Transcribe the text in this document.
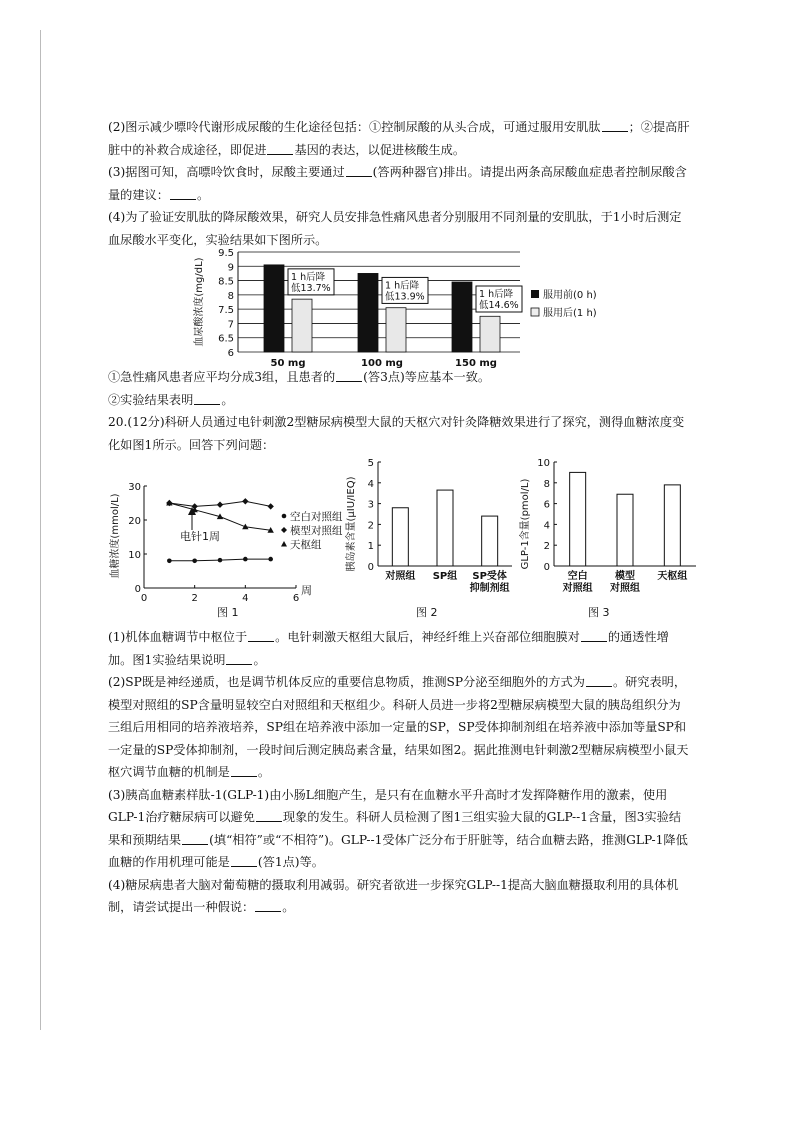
(2)图示减少嘌呤代谢形成尿酸的生化途径包括：①控制尿酸的从头合成，可通过服用安肌肽 ；②提高肝脏中的补救合成途径，即促进 基因的表达，以促进核酸生成。

(3)据图可知，高嘌呤饮食时，尿酸主要通过 (答两种器官)排出。请提出两条高尿酸血症患者控制尿酸含量的建议： 。

(4)为了验证安肌肽的降尿酸效果，研究人员安排急性痛风患者分别服用不同剂量的安肌肽，于1小时后测定血尿酸水平变化，实验结果如下图所示。

血尿酸浓度(mg/dL)
9.5
9
8.5
8
7.5
7
6.5
6
1 h后降
低13.7%	1 h后降
低13.9%	1 h后降
低14.6%
50 mg	100 mg	150 mg
服用前(0 h)
服用后(1 h)

①急性痛风患者应平均分成3组，且患者的 (答3点)等应基本一致。

②实验结果表明 。

20.(12分)科研人员通过电针刺激2型糖尿病模型大鼠的天枢穴对针灸降糖效果进行了探究，测得血糖浓度变化如图1所示。回答下列问题：

血糖浓度(mmol/L)
30
20
10
0
0	2	4	6
电针1周
周
空白对照组
模型对照组
天枢组 胰岛素含量(μIU/IEQ)
5
4
3
2
1
0
对照组 SP组 SP受体
抑制剂组
GLP-1含量(pmol/L)
10
8
6
4
2
0
空白
对照组
模型
对照组
天枢组
图 1	图 2	图 3

(1)机体血糖调节中枢位于 。电针刺激天枢组大鼠后，神经纤维上兴奋部位细胞膜对 的通透性增加。图1实验结果说明 。

(2)SP既是神经递质，也是调节机体反应的重要信息物质，推测SP分泌至细胞外的方式为 。研究表明，模型对照组的SP含量明显较空白对照组和天枢组少。科研人员进一步将2型糖尿病模型大鼠的胰岛组织分为三组后用相同的培养液培养，SP组在培养液中添加一定量的SP，SP受体抑制剂组在培养液中添加等量SP和一定量的SP受体抑制剂，一段时间后测定胰岛素含量，结果如图2。据此推测电针刺激2型糖尿病模型小鼠天枢穴调节血糖的机制是 。

(3)胰高血糖素样肽-1(GLP-1)由小肠L细胞产生，是只有在血糖水平升高时才发挥降糖作用的激素，使用GLP-1治疗糖尿病可以避免 现象的发生。科研人员检测了图1三组实验大鼠的GLP--1含量，图3实验结果和预期结果 (填“相符”或“不相符”)。GLP--1受体广泛分布于肝脏等，结合血糖去路，推测GLP-1降低血糖的作用机理可能是 (答1点)等。

(4)糖尿病患者大脑对葡萄糖的摄取利用减弱。研究者欲进一步探究GLP--1提高大脑血糖摄取利用的具体机制，请尝试提出一种假说： 。
